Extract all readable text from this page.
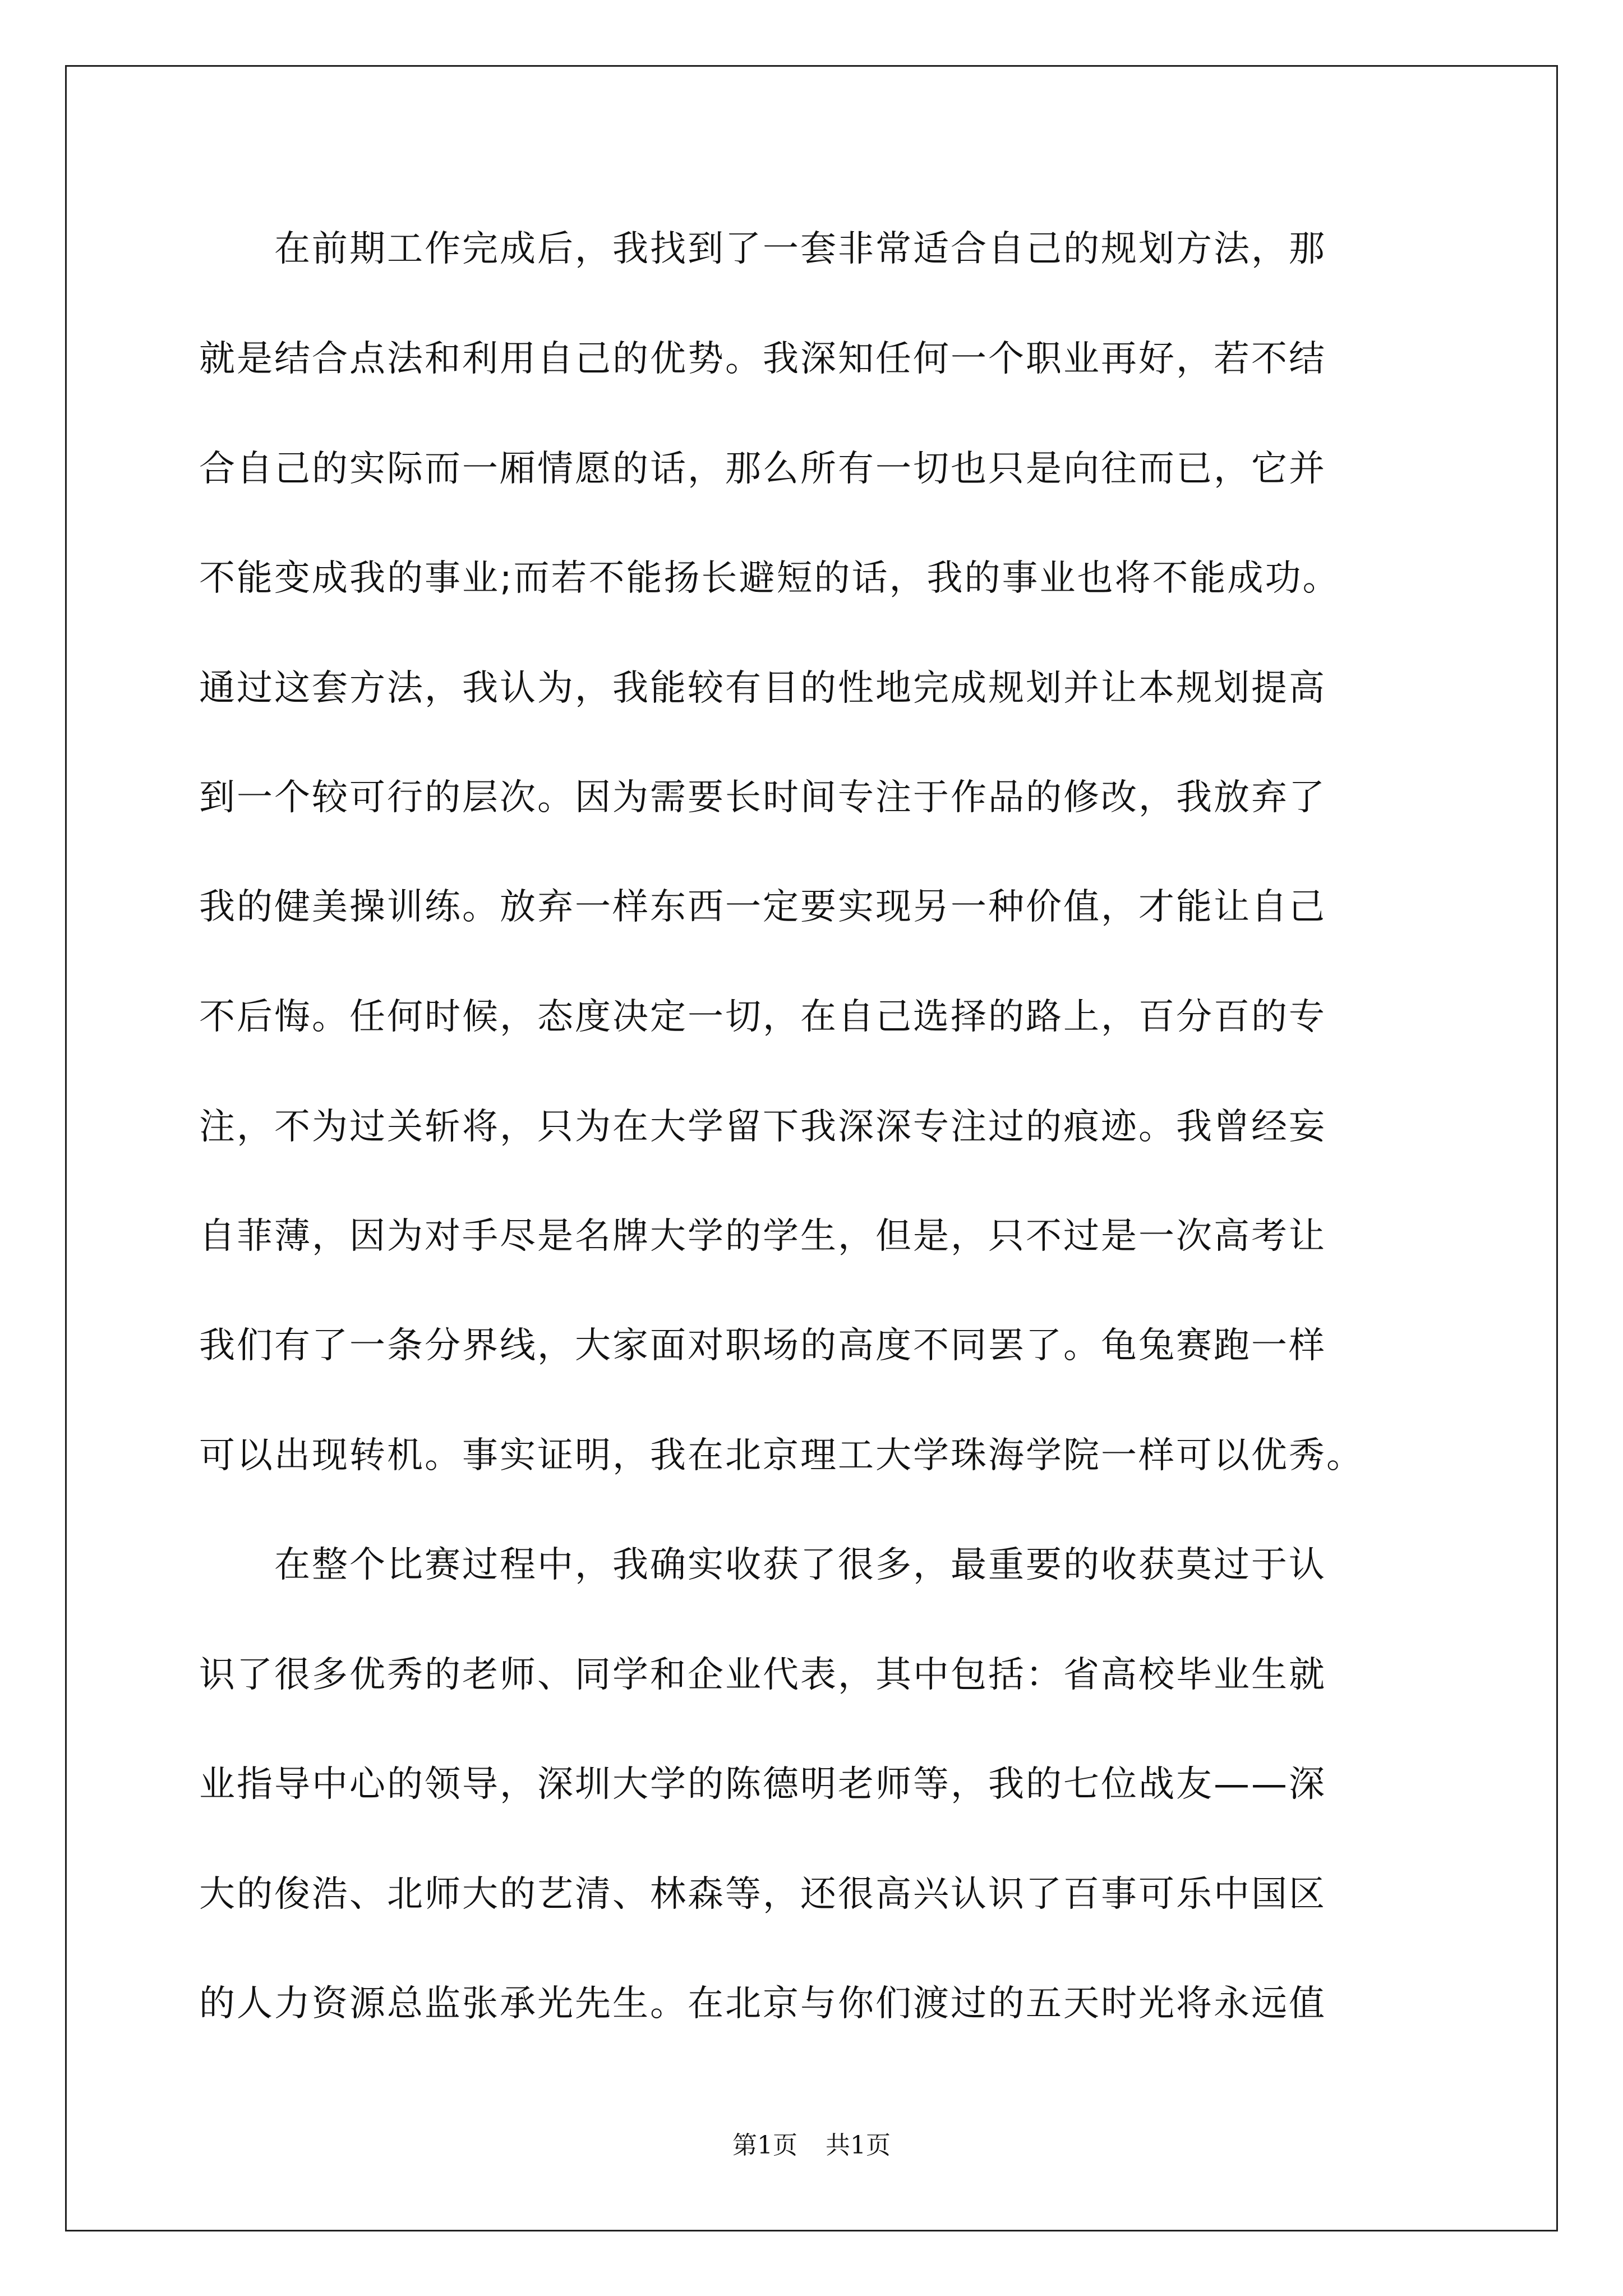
　　在前期工作完成后，我找到了一套非常适合自己的规划方法，那
就是结合点法和利用自己的优势。我深知任何一个职业再好，若不结
合自己的实际而一厢情愿的话，那么所有一切也只是向往而已，它并
不能变成我的事业;而若不能扬长避短的话，我的事业也将不能成功。
通过这套方法，我认为，我能较有目的性地完成规划并让本规划提高
到一个较可行的层次。因为需要长时间专注于作品的修改，我放弃了
我的健美操训练。放弃一样东西一定要实现另一种价值，才能让自己
不后悔。任何时候，态度决定一切，在自己选择的路上，百分百的专
注，不为过关斩将，只为在大学留下我深深专注过的痕迹。我曾经妄
自菲薄，因为对手尽是名牌大学的学生，但是，只不过是一次高考让
我们有了一条分界线，大家面对职场的高度不同罢了。龟兔赛跑一样
可以出现转机。事实证明，我在北京理工大学珠海学院一样可以优秀。
　　在整个比赛过程中，我确实收获了很多，最重要的收获莫过于认
识了很多优秀的老师、同学和企业代表，其中包括：省高校毕业生就
业指导中心的领导，深圳大学的陈德明老师等，我的七位战友——深
大的俊浩、北师大的艺清、林森等，还很高兴认识了百事可乐中国区
的人力资源总监张承光先生。在北京与你们渡过的五天时光将永远值
第1页 共1页
